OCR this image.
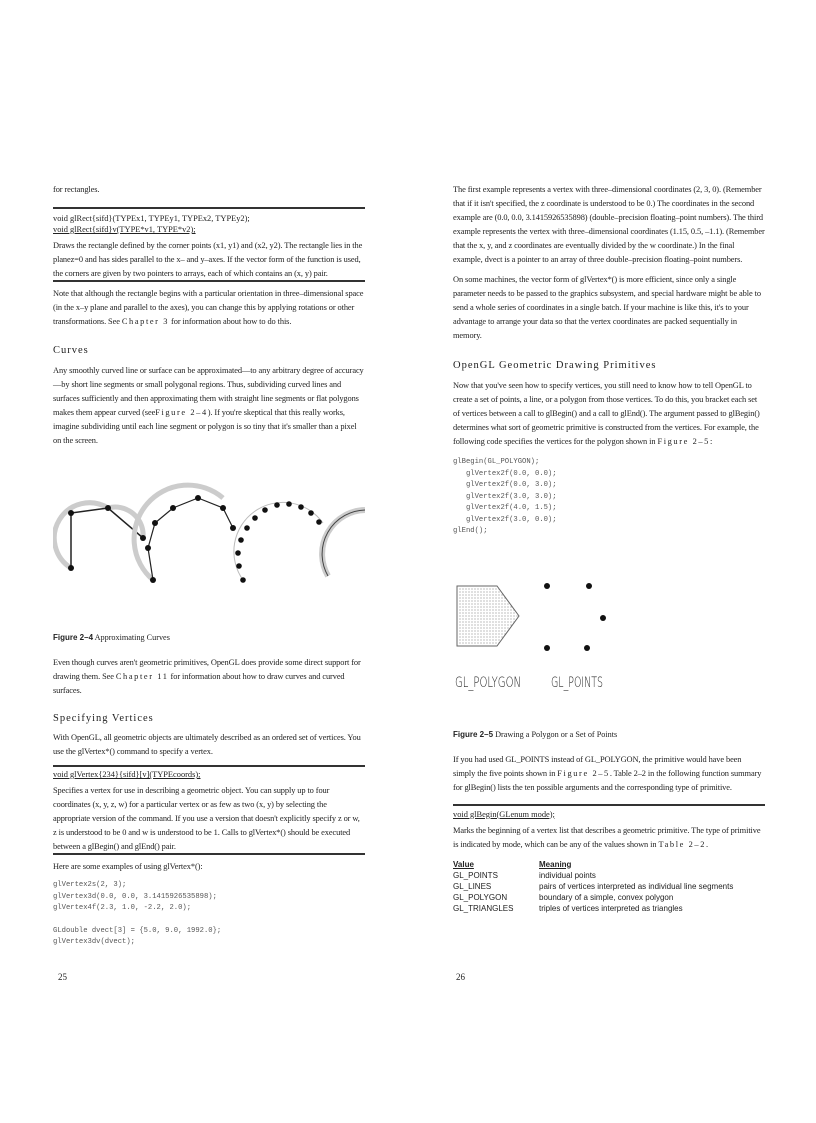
for rectangles.

void glRect{sifd}(TYPEx1, TYPEy1, TYPEx2, TYPEy2);
void glRect{sifd}v(TYPE*v1, TYPE*v2);

Draws the rectangle defined by the corner points (x1, y1) and (x2, y2). The rectangle lies in the planez=0 and has sides parallel to the x– and y–axes. If the vector form of the function is used, the corners are given by two pointers to arrays, each of which contains an (x, y) pair.

Note that although the rectangle begins with a particular orientation in three–dimensional space (in the x–y plane and parallel to the axes), you can change this by applying rotations or other transformations. See Chapter 3 for information about how to do this.

Curves

Any smoothly curved line or surface can be approximated—to any arbitrary degree of accuracy—by short line segments or small polygonal regions. Thus, subdividing curved lines and surfaces sufficiently and then approximating them with straight line segments or flat polygons makes them appear curved (seeFigure 2–4). If you're skeptical that this really works, imagine subdividing until each line segment or polygon is so tiny that it's smaller than a pixel on the screen.

Figure 2–4 Approximating Curves

Even though curves aren't geometric primitives, OpenGL does provide some direct support for drawing them. See Chapter 11 for information about how to draw curves and curved surfaces.

Specifying Vertices

With OpenGL, all geometric objects are ultimately described as an ordered set of vertices. You use the glVertex*() command to specify a vertex.

void glVertex{234}{sifd}[v](TYPEcoords);

Specifies a vertex for use in describing a geometric object. You can supply up to four coordinates (x, y, z, w) for a particular vertex or as few as two (x, y) by selecting the appropriate version of the command. If you use a version that doesn't explicitly specify z or w, z is understood to be 0 and w is understood to be 1. Calls to glVertex*() should be executed between a glBegin() and glEnd() pair.

Here are some examples of using glVertex*():

glVertex2s(2, 3);
glVertex3d(0.0, 0.0, 3.1415926535898);
glVertex4f(2.3, 1.0, -2.2, 2.0);
GLdouble dvect[3] = {5.0, 9.0, 1992.0};
glVertex3dv(dvect);
25

The first example represents a vertex with three–dimensional coordinates (2, 3, 0). (Remember that if it isn't specified, the z coordinate is understood to be 0.) The coordinates in the second example are (0.0, 0.0, 3.1415926535898) (double–precision floating–point numbers). The third example represents the vertex with three–dimensional coordinates (1.15, 0.5, –1.1). (Remember that the x, y, and z coordinates are eventually divided by the w coordinate.) In the final example, dvect is a pointer to an array of three double–precision floating–point numbers.

On some machines, the vector form of glVertex*() is more efficient, since only a single parameter needs to be passed to the graphics subsystem, and special hardware might be able to send a whole series of coordinates in a single batch. If your machine is like this, it's to your advantage to arrange your data so that the vertex coordinates are packed sequentially in memory.

OpenGL Geometric Drawing Primitives

Now that you've seen how to specify vertices, you still need to know how to tell OpenGL to create a set of points, a line, or a polygon from those vertices. To do this, you bracket each set of vertices between a call to glBegin() and a call to glEnd(). The argument passed to glBegin() determines what sort of geometric primitive is constructed from the vertices. For example, the following code specifies the vertices for the polygon shown in Figure 2–5:

glBegin(GL_POLYGON);
glVertex2f(0.0, 0.0);
glVertex2f(0.0, 3.0);
glVertex2f(3.0, 3.0);
glVertex2f(4.0, 1.5);
glVertex2f(3.0, 0.0);
glEnd();
GL_POLYGON GL_POINTS
Figure 2–5 Drawing a Polygon or a Set of Points

If you had used GL_POINTS instead of GL_POLYGON, the primitive would have been simply the five points shown in Figure 2–5. Table 2–2 in the following function summary for glBegin() lists the ten possible arguments and the corresponding type of primitive.

void glBegin(GLenum mode);

Marks the beginning of a vertex list that describes a geometric primitive. The type of primitive is indicated by mode, which can be any of the values shown in Table 2–2.

Value	Meaning
GL_POINTS	individual points
GL_LINES	pairs of vertices interpreted as individual line segments
GL_POLYGON	boundary of a simple, convex polygon
GL_TRIANGLES	triples of vertices interpreted as triangles
26
